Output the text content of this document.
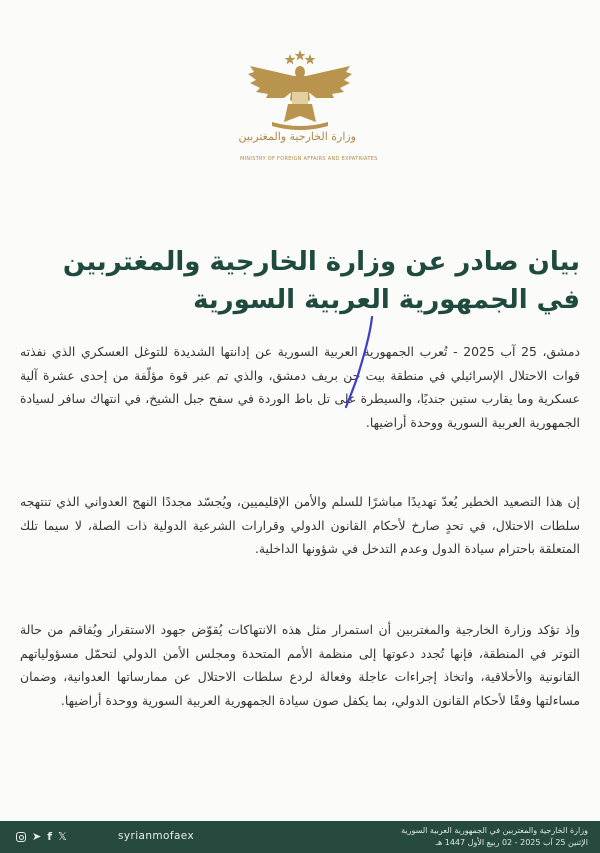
وزارة الخارجية والمغتربين
MINISTRY OF FOREIGN AFFAIRS AND EXPATRIATES
بيان صادر عن وزارة الخارجية والمغتربين
في الجمهورية العربية السورية
دمشق، 25 آب 2025 - تُعرب الجمهورية العربية السورية عن إدانتها الشديدة للتوغل العسكري الذي نفذته قوات الاحتلال الإسرائيلي في منطقة بيت جن بريف دمشق، والذي تم عبر قوة مؤلّفة من إحدى عشرة آلية عسكرية وما يقارب ستين جنديًا، والسيطرة على تل باط الوردة في سفح جبل الشيخ، في انتهاك سافر لسيادة الجمهورية العربية السورية ووحدة أراضيها.
إن هذا التصعيد الخطير يُعدّ تهديدًا مباشرًا للسلم والأمن الإقليميين، ويُجسّد مجددًا النهج العدواني الذي تنتهجه سلطات الاحتلال، في تحدٍ صارخ لأحكام القانون الدولي وقرارات الشرعية الدولية ذات الصلة، لا سيما تلك المتعلقة باحترام سيادة الدول وعدم التدخل في شؤونها الداخلية.
وإذ تؤكد وزارة الخارجية والمغتربين أن استمرار مثل هذه الانتهاكات يُقوّض جهود الاستقرار ويُفاقم من حالة التوتر في المنطقة، فإنها تُجدد دعوتها إلى منظمة الأمم المتحدة ومجلس الأمن الدولي لتحمّل مسؤولياتهم القانونية والأخلاقية، واتخاذ إجراءات عاجلة وفعالة لردع سلطات الاحتلال عن ممارساتها العدوانية، وضمان مساءلتها وفقًا لأحكام القانون الدولي، بما يكفل صون سيادة الجمهورية العربية السورية ووحدة أراضيها.
➤ f 𝕏	syrianmofaex	وزارة الخارجية والمغتربين في الجمهورية العربية السورية
الإثنين 25 آب 2025 - 02 ربيع الأول 1447 هـ
